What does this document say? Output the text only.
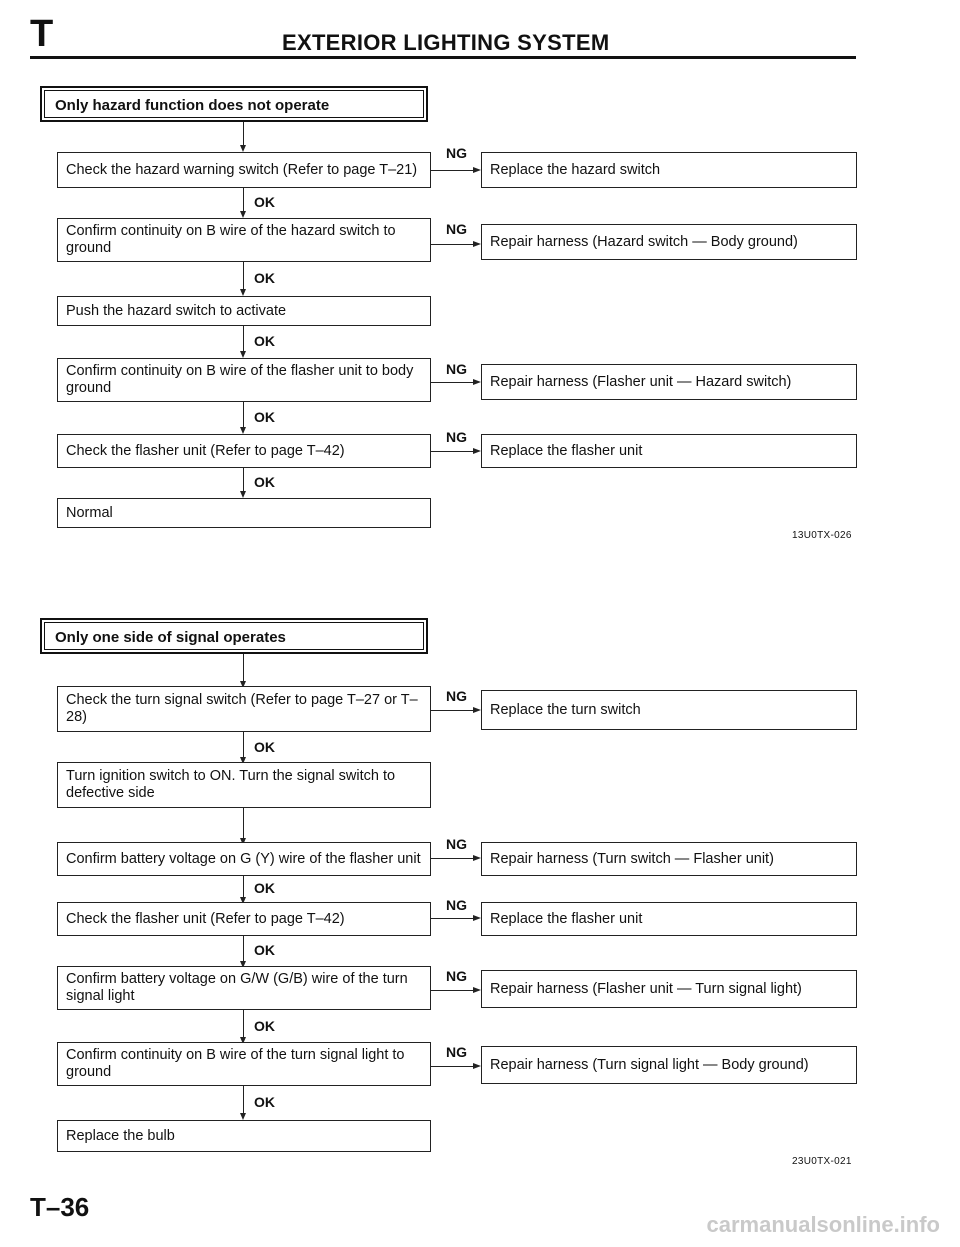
T	EXTERIOR LIGHTING SYSTEM
Only hazard function does not operate
Check the hazard warning switch (Refer to page T–21)
NG
Replace the hazard switch
OK
Confirm continuity on B wire of the hazard switch to ground
NG
Repair harness (Hazard switch — Body ground)
OK
Push the hazard switch to activate
OK
Confirm continuity on B wire of the flasher unit to body ground
NG
Repair harness (Flasher unit — Hazard switch)
OK
Check the flasher unit (Refer to page T–42)
NG
Replace the flasher unit
OK
Normal
13U0TX-026
Only one side of signal operates
Check the turn signal switch (Refer to page T–27 or T–28)
NG
Replace the turn switch
OK
Turn ignition switch to ON. Turn the signal switch to defective side
Confirm battery voltage on G (Y) wire of the flasher unit
NG
Repair harness (Turn switch — Flasher unit)
OK
Check the flasher unit (Refer to page T–42)
NG
Replace the flasher unit
OK
Confirm battery voltage on G/W (G/B) wire of the turn signal light
NG
Repair harness (Flasher unit — Turn signal light)
OK
Confirm continuity on B wire of the turn signal light to ground
NG
Repair harness (Turn signal light — Body ground)
OK
Replace the bulb
23U0TX-021
T–36
carmanualsonline.info
